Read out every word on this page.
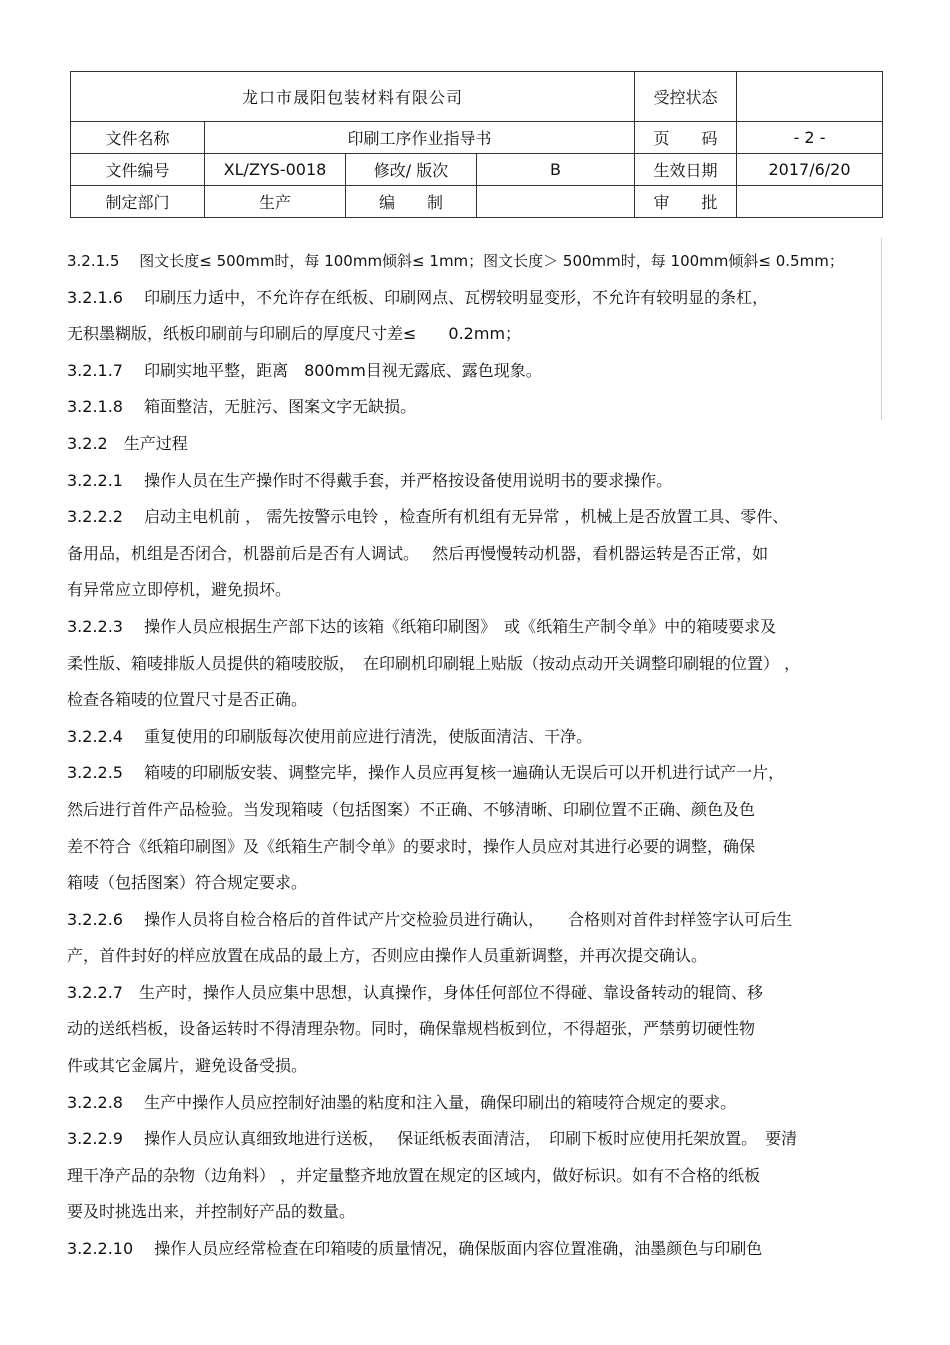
龙口市晟阳包装材料有限公司				受控状态	
文件名称	印刷工序作业指导书			页　　码	- 2 -
文件编号	XL/ZYS-0018	修改/ 版次	B	生效日期	2017/6/20
制定部门	生产	编　　制		审　　批	

3.2.1.5　 图文长度≤ 500mm时，每 100mm倾斜≤ 1mm；图文长度＞ 500mm时，每 100mm倾斜≤ 0.5mm；

3.2.1.6　 印刷压力适中，不允许存在纸板、印刷网点、瓦楞较明显变形，不允许有较明显的条杠，

无积墨糊版，纸板印刷前与印刷后的厚度尺寸差≤　　0.2mm；

3.2.1.7　 印刷实地平整，距离　800mm目视无露底、露色现象。

3.2.1.8　 箱面整洁，无脏污、图案文字无缺损。

3.2.2　生产过程

3.2.2.1　 操作人员在生产操作时不得戴手套，并严格按设备使用说明书的要求操作。

3.2.2.2　 启动主电机前 ， 需先按警示电铃 ，检查所有机组有无异常 ，机械上是否放置工具、零件、

备用品，机组是否闭合，机器前后是否有人调试。　 然后再慢慢转动机器，看机器运转是否正常，如

有异常应立即停机，避免损坏。

3.2.2.3　 操作人员应根据生产部下达的该箱《纸箱印刷图》　或《纸箱生产制令单》中的箱唛要求及

柔性版、箱唛排版人员提供的箱唛胶版，　在印刷机印刷辊上贴版（按动点动开关调整印刷辊的位置） ，

检查各箱唛的位置尺寸是否正确。

3.2.2.4　 重复使用的印刷版每次使用前应进行清洗，使版面清洁、干净。

3.2.2.5　 箱唛的印刷版安装、调整完毕，操作人员应再复核一遍确认无误后可以开机进行试产一片，

然后进行首件产品检验。当发现箱唛（包括图案）不正确、不够清晰、印刷位置不正确、颜色及色

差不符合《纸箱印刷图》及《纸箱生产制令单》的要求时，操作人员应对其进行必要的调整，确保

箱唛（包括图案）符合规定要求。

3.2.2.6　 操作人员将自检合格后的首件试产片交检验员进行确认，　　合格则对首件封样签字认可后生

产，首件封好的样应放置在成品的最上方，否则应由操作人员重新调整，并再次提交确认。

3.2.2.7　生产时，操作人员应集中思想，认真操作，身体任何部位不得碰、靠设备转动的辊筒、移

动的送纸档板，设备运转时不得清理杂物。同时，确保靠规档板到位，不得超张，严禁剪切硬性物

件或其它金属片，避免设备受损。

3.2.2.8　 生产中操作人员应控制好油墨的粘度和注入量，确保印刷出的箱唛符合规定的要求。

3.2.2.9　 操作人员应认真细致地进行送板，　 保证纸板表面清洁，　印刷下板时应使用托架放置。　要清

理干净产品的杂物（边角料） ，并定量整齐地放置在规定的区域内，做好标识。如有不合格的纸板

要及时挑选出来，并控制好产品的数量。

3.2.2.10　 操作人员应经常检查在印箱唛的质量情况，确保版面内容位置准确，油墨颜色与印刷色
